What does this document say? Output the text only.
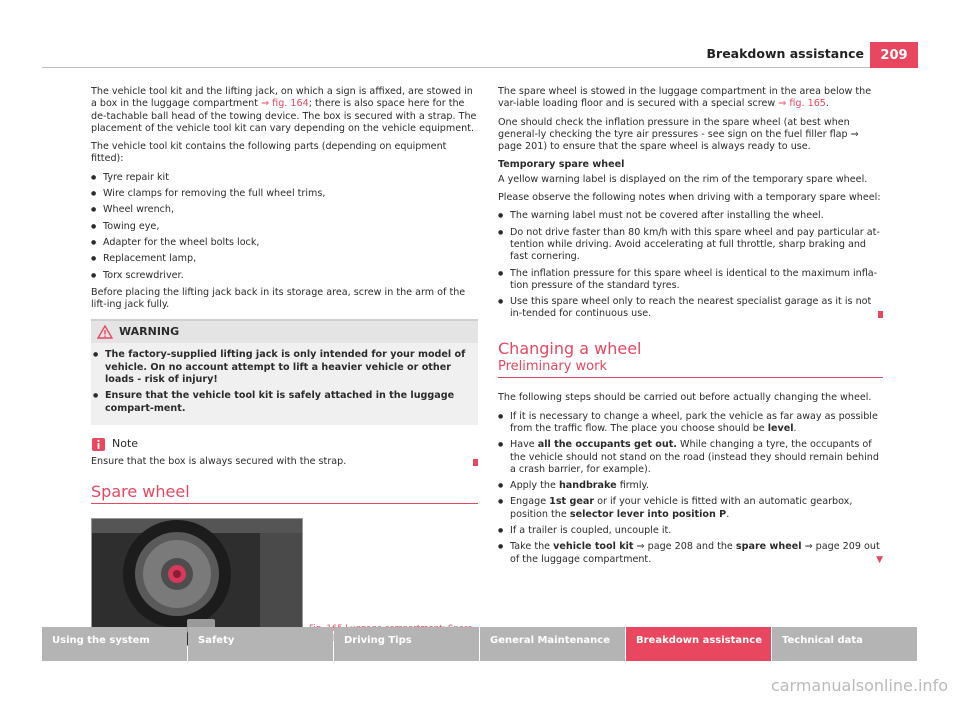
Breakdown assistance	209

The vehicle tool kit and the lifting jack, on which a sign is affixed, are stowed in a box in the luggage compartment ⇒ fig. 164; there is also space here for the de-tachable ball head of the towing device. The box is secured with a strap. The placement of the vehicle tool kit can vary depending on the vehicle equipment.

The vehicle tool kit contains the following parts (depending on equipment fitted):

● Tyre repair kit
● Wire clamps for removing the full wheel trims,
● Wheel wrench,
● Towing eye,
● Adapter for the wheel bolts lock,
● Replacement lamp,
● Torx screwdriver.

Before placing the lifting jack back in its storage area, screw in the arm of the lift-ing jack fully.

WARNING
● The factory-supplied lifting jack is only intended for your model of vehicle. On no account attempt to lift a heavier vehicle or other loads - risk of injury!
● Ensure that the vehicle tool kit is safely attached in the luggage compart-ment.
Note

Ensure that the box is always secured with the strap.

Spare wheel

The spare wheel is stowed in the luggage compartment in the area below the var-iable loading floor and is secured with a special screw ⇒ fig. 165.

One should check the inflation pressure in the spare wheel (at best when general-ly checking the tyre air pressures - see sign on the fuel filler flap ⇒ page 201) to ensure that the spare wheel is always ready to use.

Temporary spare wheel

A yellow warning label is displayed on the rim of the temporary spare wheel.

Please observe the following notes when driving with a temporary spare wheel:

● The warning label must not be covered after installing the wheel.
● Do not drive faster than 80 km/h with this spare wheel and pay particular at-tention while driving. Avoid accelerating at full throttle, sharp braking and fast cornering.
● The inflation pressure for this spare wheel is identical to the maximum infla-tion pressure of the standard tyres.
● Use this spare wheel only to reach the nearest specialist garage as it is not in-tended for continuous use.
Changing a wheel
Preliminary work

The following steps should be carried out before actually changing the wheel.

● If it is necessary to change a wheel, park the vehicle as far away as possible from the traffic flow. The place you choose should be level.
● Have all the occupants get out. While changing a tyre, the occupants of the vehicle should not stand on the road (instead they should remain behind a crash barrier, for example).
● Apply the handbrake firmly.
● Engage 1st gear or if your vehicle is fitted with an automatic gearbox, position the selector lever into position P.
● If a trailer is coupled, uncouple it.
● Take the vehicle tool kit ⇒ page 208 and the spare wheel ⇒ page 209 out of the luggage compartment.	▼
Using the system	Safety	Driving Tips	General Maintenance	Breakdown assistance	Technical data
carmanualsonline.info
